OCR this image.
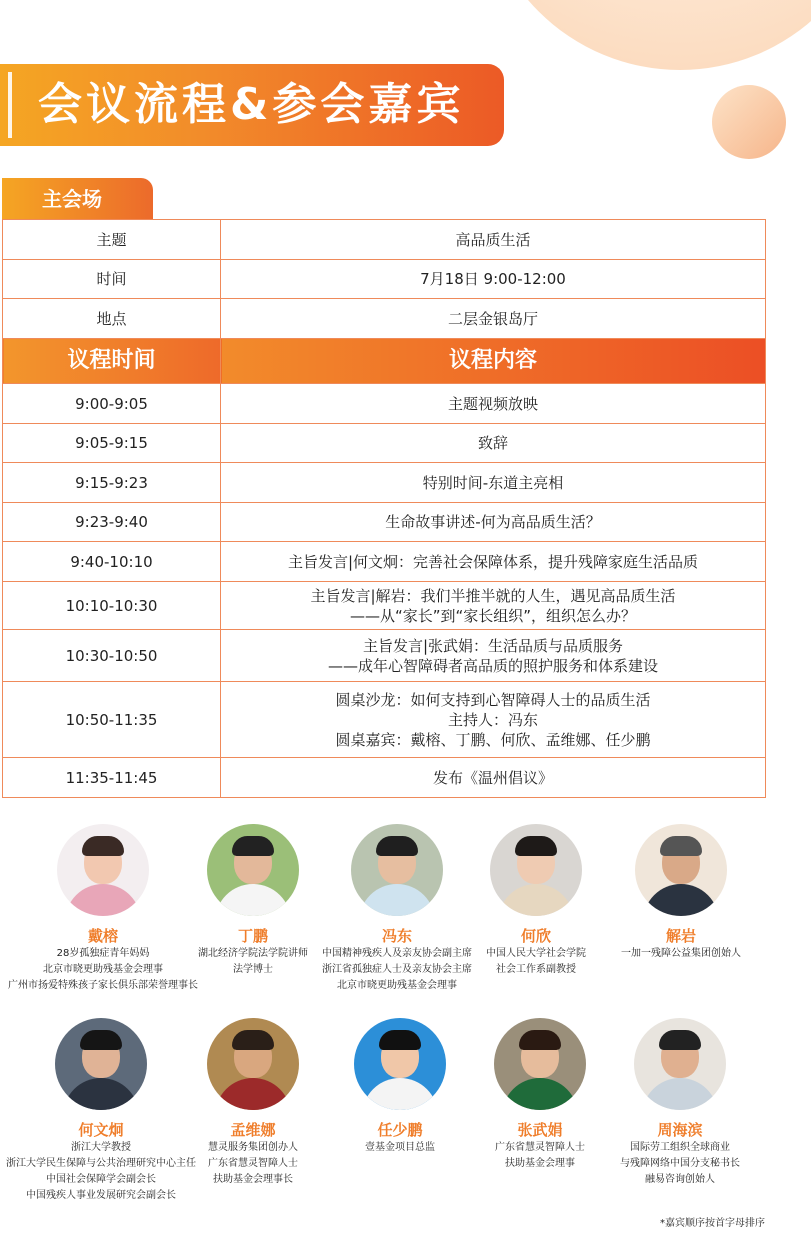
会议流程&参会嘉宾
主会场
主题	高品质生活
时间	7月18日 9:00-12:00
地点	二层金银岛厅
议程时间	议程内容
9:00-9:05	主题视频放映

9:05-9:15	致辞

9:15-9:23	特别时间-东道主亮相

9:23-9:40	生命故事讲述-何为高品质生活？

9:40-10:10	主旨发言|何文炯：完善社会保障体系，提升残障家庭生活品质

10:10-10:30	主旨发言|解岩：我们半推半就的人生，遇见高品质生活
——从“家长”到“家长组织”，组织怎么办？

10:30-10:50	主旨发言|张武娟：生活品质与品质服务
——成年心智障碍者高品质的照护服务和体系建设

10:50-11:35	圆桌沙龙：如何支持到心智障碍人士的品质生活
主持人：冯东
圆桌嘉宾：戴榕、丁鹏、何欣、孟维娜、任少鹏

11:35-11:45	发布《温州倡议》
戴榕
28岁孤独症青年妈妈
北京市晓更助残基金会理事
广州市扬爱特殊孩子家长俱乐部荣誉理事长
丁鹏
湖北经济学院法学院讲师
法学博士
冯东
中国精神残疾人及亲友协会副主席
浙江省孤独症人士及亲友协会主席
北京市晓更助残基金会理事
何欣
中国人民大学社会学院
社会工作系副教授
解岩
一加一残障公益集团创始人
何文炯
浙江大学教授
浙江大学民生保障与公共治理研究中心主任
中国社会保障学会副会长
中国残疾人事业发展研究会副会长
孟维娜
慧灵服务集团创办人
广东省慧灵智障人士
扶助基金会理事长
任少鹏
壹基金项目总监
张武娟
广东省慧灵智障人士
扶助基金会理事
周海滨
国际劳工组织全球商业
与残障网络中国分支秘书长
融易咨询创始人
*嘉宾顺序按首字母排序
